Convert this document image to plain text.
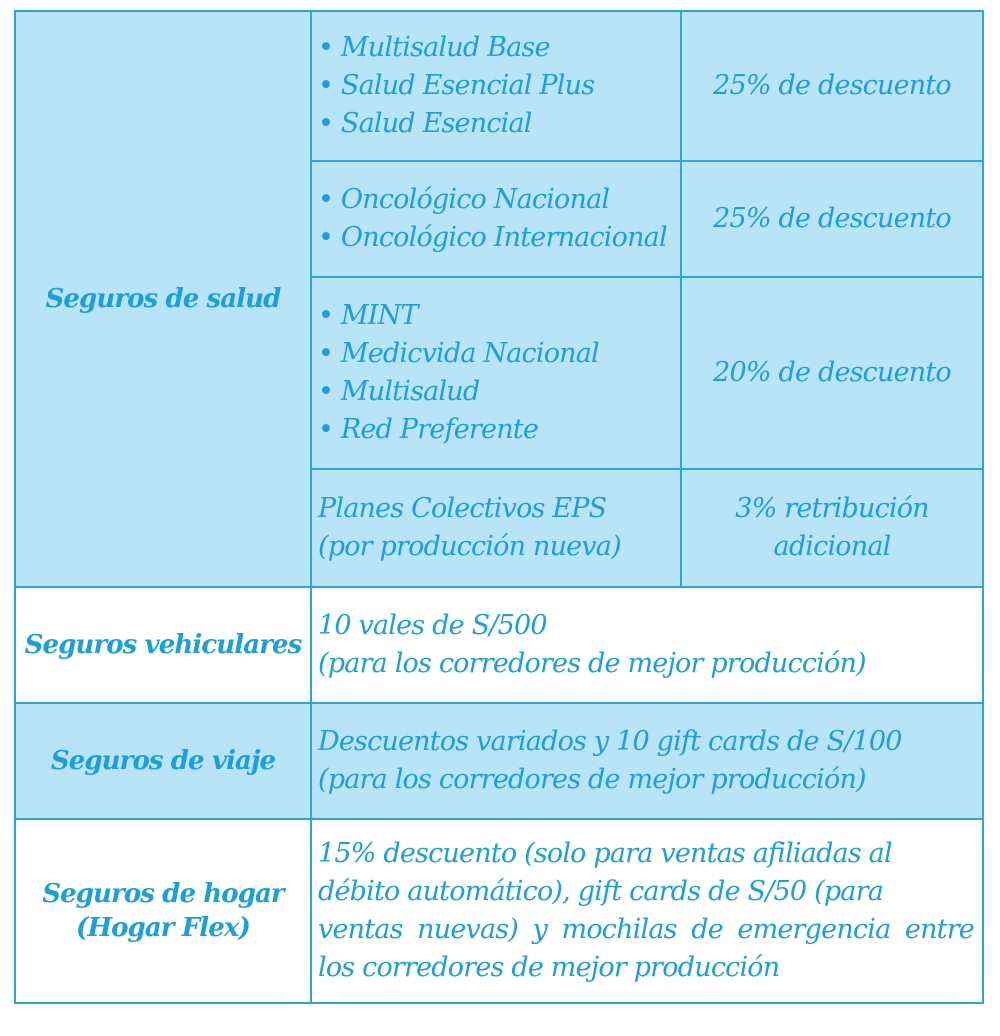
Seguros de salud
• Multisalud Base
• Salud Esencial Plus
• Salud Esencial
25% de descuento
• Oncológico Nacional
• Oncológico Internacional
25% de descuento
• MINT
• Medicvida Nacional
• Multisalud
• Red Preferente
20% de descuento
Planes Colectivos EPS
(por producción nueva)
3% retribución
adicional
Seguros vehiculares
10 vales de S/500
(para los corredores de mejor producción)
Seguros de viaje
Descuentos variados y 10 gift cards de S/100
(para los corredores de mejor producción)
Seguros de hogar
(Hogar Flex)
15% descuento (solo para ventas afiliadas al
débito automático), gift cards de S/50 (para
ventas nuevas) y mochilas de emergencia entre
los corredores de mejor producción
